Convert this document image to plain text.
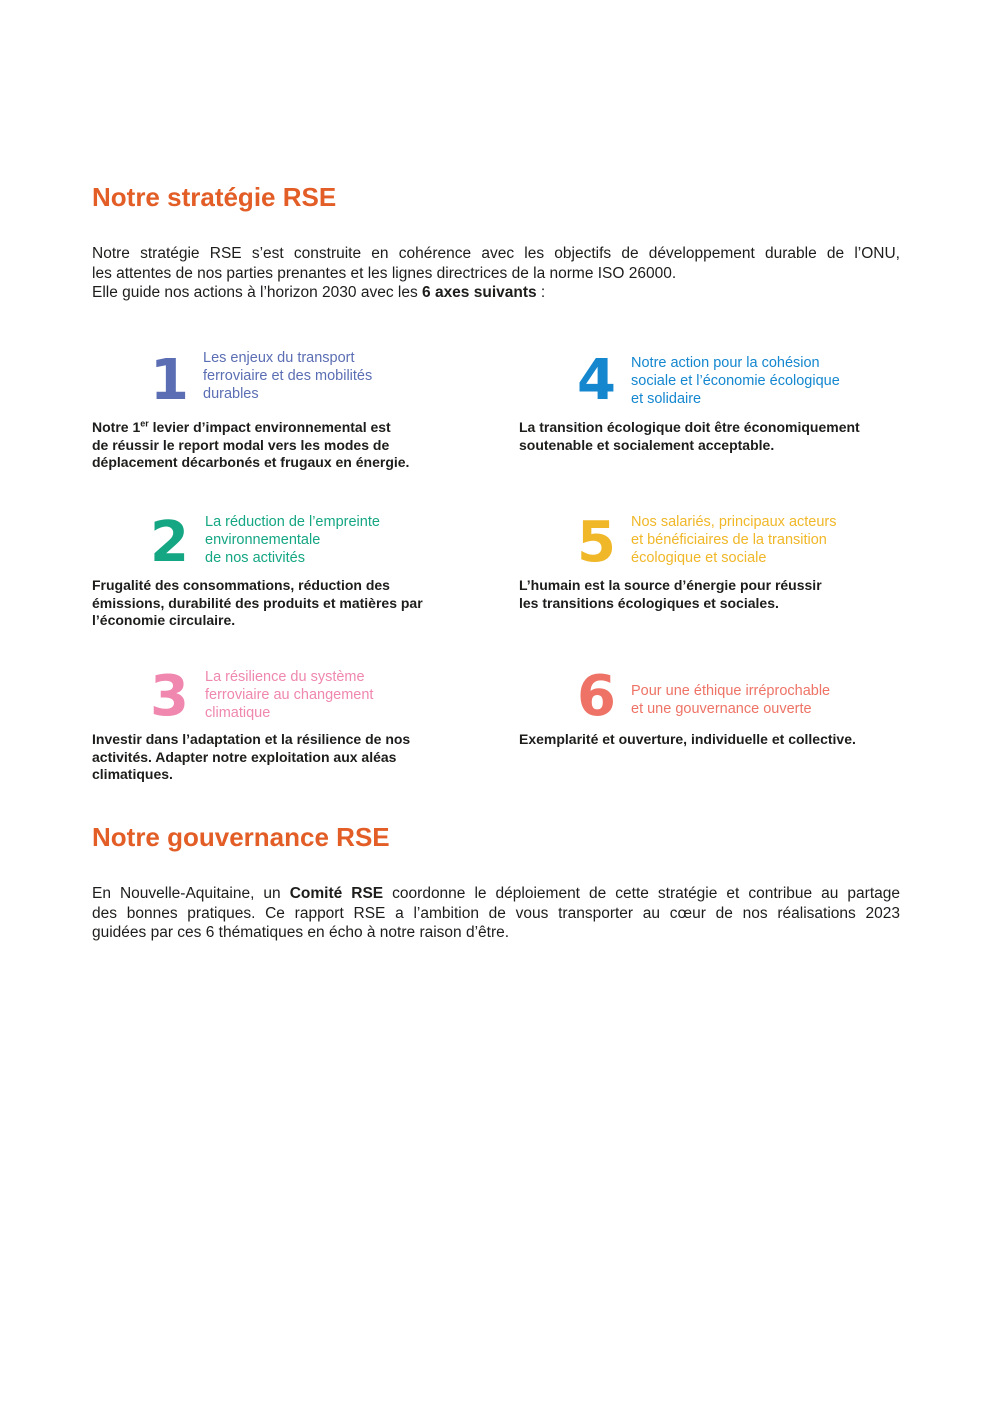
Notre stratégie RSE
Notre stratégie RSE s’est construite en cohérence avec les objectifs de développement durable de l’ONU,
les attentes de nos parties prenantes et les lignes directrices de la norme ISO 26000.
Elle guide nos actions à l’horizon 2030 avec les 6 axes suivants :
1 Les enjeux du transport
ferroviaire et des mobilités
durables
Notre 1er levier d’impact environnemental est
de réussir le report modal vers les modes de
déplacement décarbonés et frugaux en énergie.
4 Notre action pour la cohésion
sociale et l’économie écologique
et solidaire
La transition écologique doit être économiquement
soutenable et socialement acceptable.
2 La réduction de l’empreinte
environnementale
de nos activités
Frugalité des consommations, réduction des
émissions, durabilité des produits et matières par
l’économie circulaire.
5 Nos salariés, principaux acteurs
et bénéficiaires de la transition
écologique et sociale
L’humain est la source d’énergie pour réussir
les transitions écologiques et sociales.
3 La résilience du système
ferroviaire au changement
climatique
Investir dans l’adaptation et la résilience de nos
activités. Adapter notre exploitation aux aléas
climatiques.
6 Pour une éthique irréprochable
et une gouvernance ouverte
Exemplarité et ouverture, individuelle et collective.
Notre gouvernance RSE
En Nouvelle-Aquitaine, un Comité RSE coordonne le déploiement de cette stratégie et contribue au partage
des bonnes pratiques. Ce rapport RSE a l’ambition de vous transporter au cœur de nos réalisations 2023
guidées par ces 6 thématiques en écho à notre raison d’être.
